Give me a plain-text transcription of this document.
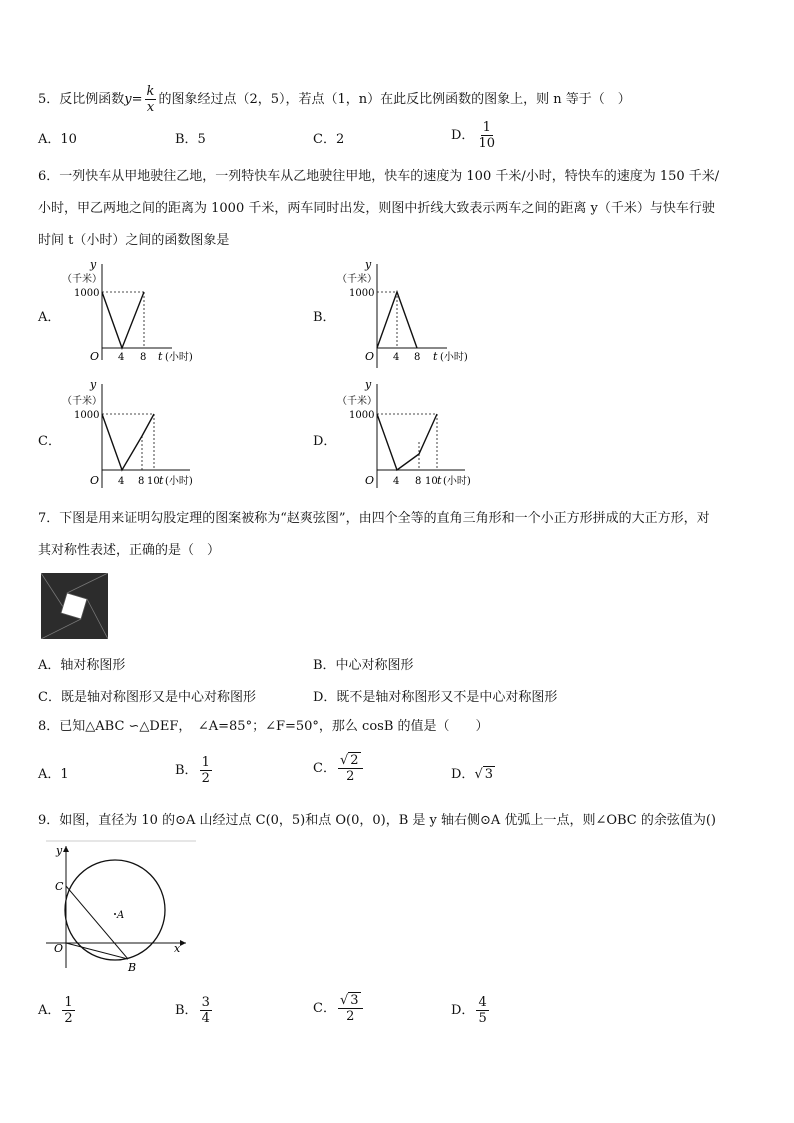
5．反比例函数$y= \frac{k}{x}$ 的图象经过点（2，5），若点（1，n）在此反比例函数的图象上，则 n 等于（　）
A．10	B．5	C．2	D． $\frac{1}{10}$
6．一列快车从甲地驶往乙地，一列特快车从乙地驶往甲地，快车的速度为 100 千米/小时，特快车的速度为 150 千米/
小时，甲乙两地之间的距离为 1000 千米，两车同时出发，则图中折线大致表示两车之间的距离 y（千米）与快车行驶
时间 t（小时）之间的函数图象是
A．	B．
C．	D．
y
（千米）
1000
O 4 8 t (小时)
y
（千米）
1000
O 4 8 t (小时)
y
（千米）
1000
O 4 8 10 t (小时)
y
（千米）
1000
O 4 8 10 t (小时)
7．下图是用来证明勾股定理的图案被称为“赵爽弦图”，由四个全等的直角三角形和一个小正方形拼成的大正方形，对
其对称性表述，正确的是（　）
A．轴对称图形	B．中心对称图形
C．既是轴对称图形又是中心对称图形	D．既不是轴对称图形又不是中心对称图形
8．已知△ABC ∽△DEF，　∠A=85°；∠F=50°，那么 cosB 的值是（　　）
A．1	B． $\frac{1}{2}$	C． $\frac{√ 2}{2}$	D．√ 3
9．如图，直径为 10 的⊙A 山经过点 C(0，5)和点 O(0，0)，B 是 y 轴右侧⊙A 优弧上一点，则∠OBC 的余弦值为()
y
x
C
A
O
B
A． $\frac{1}{2}$	B． $\frac{3}{4}$	C． $\frac{√ 3}{2}$	D． $\frac{4}{5}$
